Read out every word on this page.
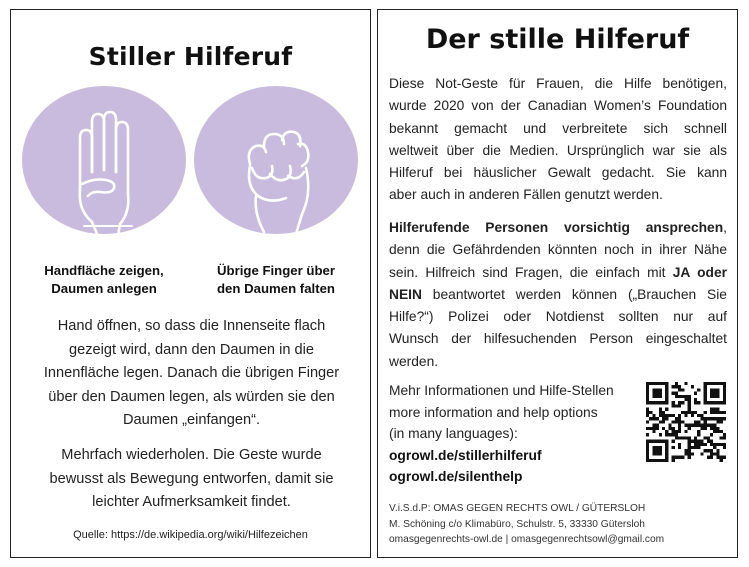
Stiller Hilferuf
Handfläche zeigen,
Daumen anlegen
Übrige Finger über
den Daumen falten
Hand öffnen, so dass die Innenseite flach
gezeigt wird, dann den Daumen in die
Innenfläche legen. Danach die übrigen Finger
über den Daumen legen, als würden sie den
Daumen „einfangen“.
Mehrfach wiederholen. Die Geste wurde
bewusst als Bewegung entworfen, damit sie
leichter Aufmerksamkeit findet.
Quelle: https://de.wikipedia.org/wiki/Hilfezeichen
Der stille Hilferuf
Diese Not-Geste für Frauen, die Hilfe benötigen,
wurde 2020 von der Canadian Women’s Foundation
bekannt gemacht und verbreitete sich schnell
weltweit über die Medien. Ursprünglich war sie als
Hilferuf bei häuslicher Gewalt gedacht. Sie kann
aber auch in anderen Fällen genutzt werden.
Hilferufende Personen vorsichtig ansprechen,
denn die Gefährdenden könnten noch in ihrer Nähe
sein. Hilfreich sind Fragen, die einfach mit JA oder
NEIN beantwortet werden können („Brauchen Sie
Hilfe?“) Polizei oder Notdienst sollten nur auf
Wunsch der hilfesuchenden Person eingeschaltet
werden.
Mehr Informationen und Hilfe-Stellen
more information and help options
(in many languages):
ogrowl.de/stillerhilferuf
ogrowl.de/silenthelp
V.i.S.d.P: OMAS GEGEN RECHTS OWL / GÜTERSLOH
M. Schöning c/o Klimabüro, Schulstr. 5, 33330 Gütersloh
omasgegenrechts-owl.de | omasgegenrechtsowl@gmail.com
